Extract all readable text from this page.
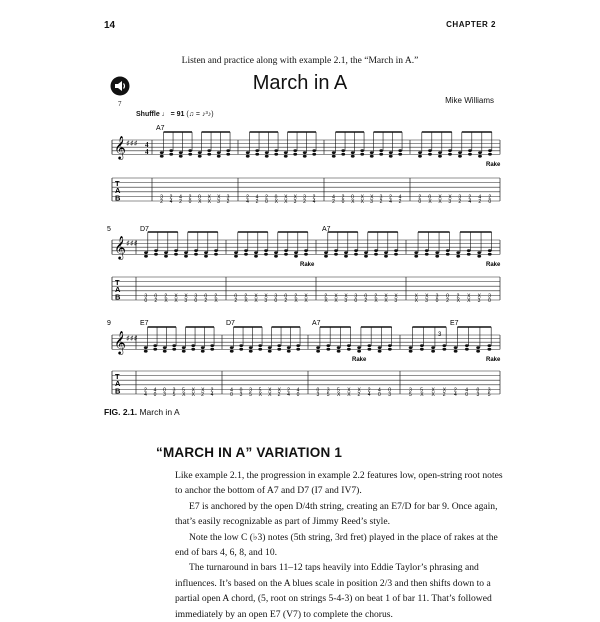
14	CHAPTER 2
Listen and practice along with example 2.1, the “March in A.”
7
March in A
Mike Williams
Shuffle ♩ = 91 (♫ = ♪³♪)
A7
Rake
𝄞 ♯♯♯ 4
4
T
A
B	3
2
2
4
4
2
2
0
0
X
X
X
X
3
3
2
2
4
4
2
2
0
0
X
X
X
X
3
3
2
2
4
4
2
2
0
0
X
X
X
X
3
3
2
2
4
4
2
2
0
0
X
X
X
X
3
3
2
2
4
4
2
2
0
5	D7	A7
Rake	Rake
𝄞 ♯♯♯
T
A
B	3
0
0
2
2
X
X
X
X
3
3
0
0
2
2
X
0
2
2
X
X
X
X
3
3
0
0
2
2
X
X
X
2
X
X
X
X
3
3
0
0
2
2
X
X
X
X
3
X
X
X
3
3
0
0
2
2
X
X
X
X
3
3
0
9	E7	D7	A7	E7
Rake	Rake
3
𝄞 ♯♯♯
T
A
B	2
4
4
0
0
3
3
5
5
X
X
X
X
2
2
4
4
0
0
3
3
5
5
X
X
X
X
2
2
4
4
0
0
3
3
5
5
X
X
X
X
2
2
4
4
0
0
3
3
5
5
X
X
X
X
2
2
4
4
0
0
3
3
5
FIG. 2.1. March in A
“MARCH IN A” VARIATION 1

Like example 2.1, the progression in example 2.2 features low, open-string root notes to anchor the bottom of A7 and D7 (I7 and IV7).

E7 is anchored by the open D/4th string, creating an E7/D for bar 9. Once again, that’s easily recognizable as part of Jimmy Reed’s style.

Note the low C (♭3) notes (5th string, 3rd fret) played in the place of rakes at the end of bars 4, 6, 8, and 10.

The turnaround in bars 11–12 taps heavily into Eddie Taylor’s phrasing and influences. It’s based on the A blues scale in position 2/3 and then shifts down to a partial open A chord, (5, root on strings 5-4-3) on beat 1 of bar 11. That’s followed immediately by an open E7 (V7) to complete the chorus.
